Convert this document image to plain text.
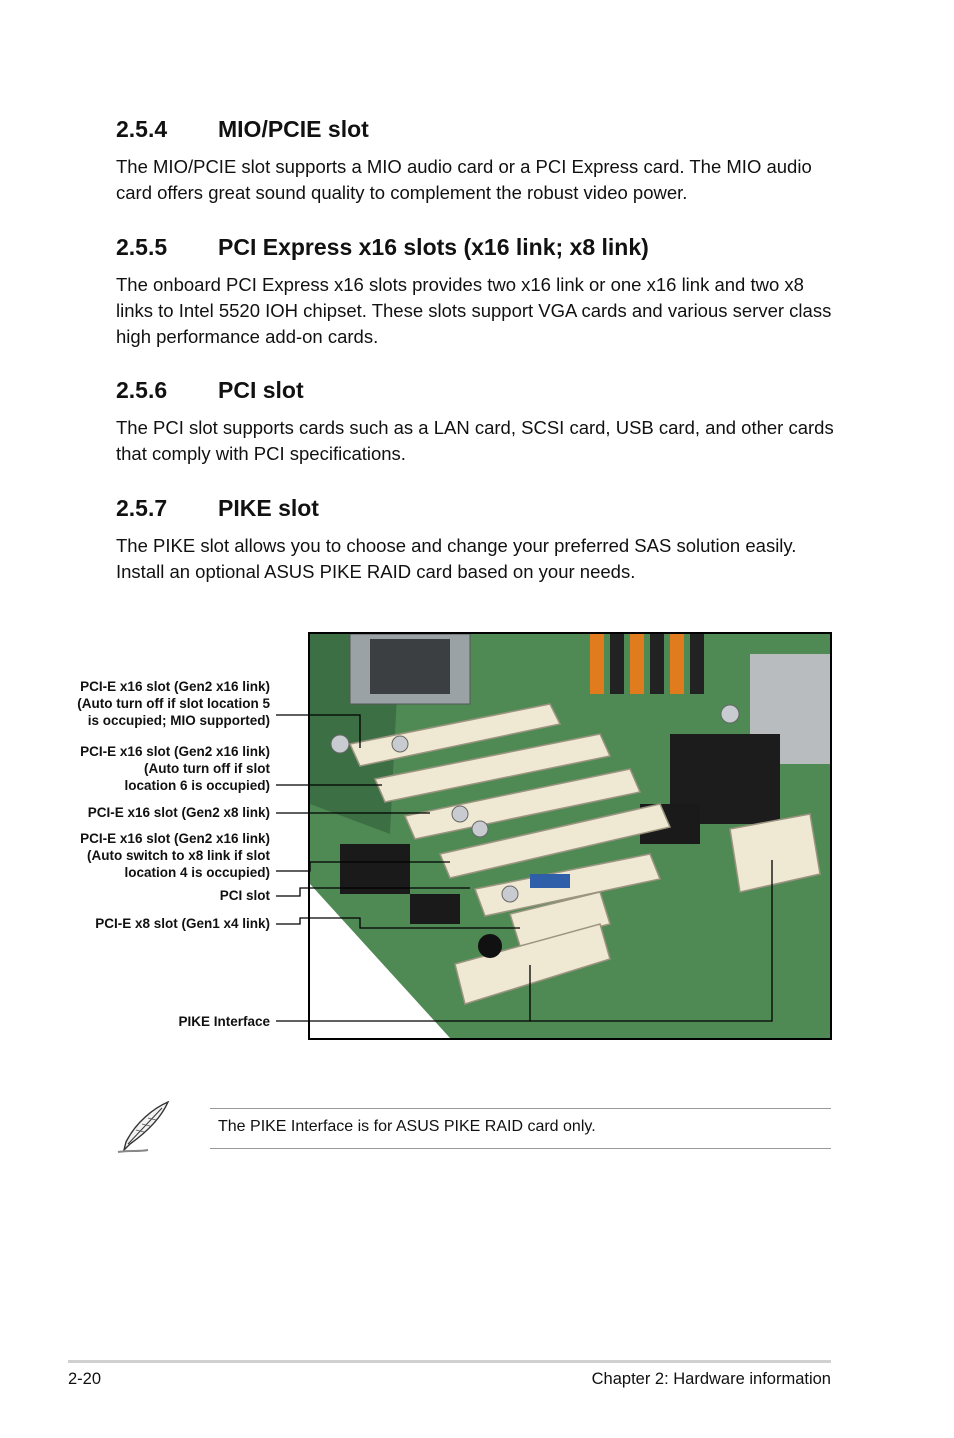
2.5.4	MIO/PCIE slot

The MIO/PCIE slot supports a MIO audio card or a PCI Express card. The MIO audio card offers great sound quality to complement the robust video power.

2.5.5	PCI Express x16 slots (x16 link; x8 link)

The onboard PCI Express x16 slots provides two x16 link or one x16 link and two x8 links to Intel 5520 IOH chipset. These slots support VGA cards and various server class high performance add-on cards.

2.5.6	PCI slot

The PCI slot supports cards such as a LAN card, SCSI card, USB card, and other cards that comply with PCI specifications.

2.5.7	PIKE slot

The PIKE slot allows you to choose and change your preferred SAS solution easily. Install an optional ASUS PIKE RAID card based on your needs.

PCI-E x16 slot (Gen2 x16 link)
(Auto turn off if slot location 5
is occupied; MIO supported)
PCI-E x16 slot (Gen2 x16 link)
(Auto turn off if slot
location 6 is occupied)
PCI-E x16 slot (Gen2 x8 link)
PCI-E x16 slot (Gen2 x16 link)
(Auto switch to x8 link if slot
location 4 is occupied)
PCI slot
PCI-E x8 slot (Gen1 x4 link)
PIKE Interface
The PIKE Interface is for ASUS PIKE RAID card only.
2-20	Chapter 2: Hardware information
